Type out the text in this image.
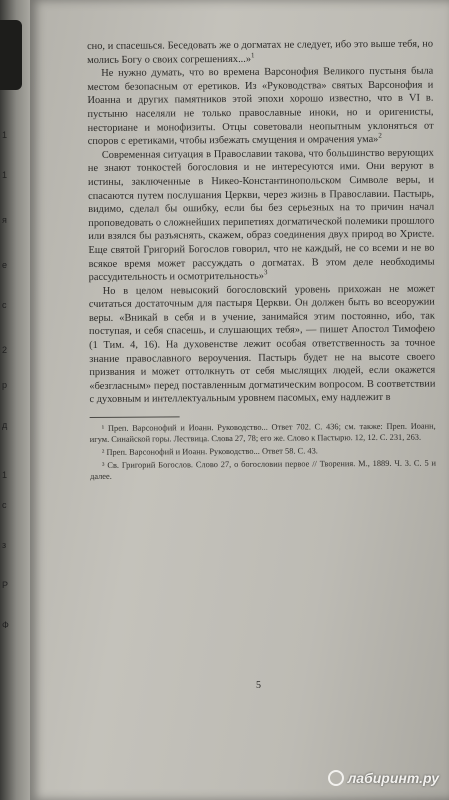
1
1
я
е
с
2
р
д
1
с
з
Р
Ф

сно, и спасешься. Беседовать же о догматах не следует, ибо это выше тебя, но молись Богу о своих согрешениях...»$^1$

Не нужно думать, что во времена Варсонофия Великого пустыня была местом безопасным от еретиков. Из «Руководства» святых Варсонофия и Иоанна и других памятников этой эпохи хорошо известно, что в VI в. пустыню населяли не только православные иноки, но и оригенисты, несториане и монофизиты. Отцы советовали неопытным уклоняться от споров с еретиками, чтобы избежать смущения и омрачения ума»$^2$

Современная ситуация в Православии такова, что большинство верующих не знают тонкостей богословия и не интересуются ими. Они веруют в истины, заключенные в Никео-Константинопольском Символе веры, и спасаются путем послушания Церкви, через жизнь в Православии. Пастырь, видимо, сделал бы ошибку, если бы без серьезных на то причин начал проповедовать о сложнейших перипетиях догматической полемики прошлого или взялся бы разъяснять, скажем, образ соединения двух природ во Христе. Еще святой Григорий Богослов говорил, что не каждый, не со всеми и не во всякое время может рассуждать о догматах. В этом деле необходимы рассудительность и осмотрительность»$^3$

Но в целом невысокий богословский уровень прихожан не может считаться достаточным для пастыря Церкви. Он должен быть во всеоружии веры. «Вникай в себя и в учение, занимайся этим постоянно, ибо, так поступая, и себя спасешь, и слушающих тебя», — пишет Апостол Тимофею (1 Тим. 4, 16). На духовенстве лежит особая ответственность за точное знание православного вероучения. Пастырь будет не на высоте своего призвания и может оттолкнуть от себя мыслящих людей, если окажется «безгласным» перед поставленным догматическим вопросом. В соответствии с духовным и интеллектуальным уровнем пасомых, ему надлежит в

¹ Преп. Варсонофий и Иоанн. Руководство... Ответ 702. С. 436; см. также: Преп. Иоанн, игум. Синайской горы. Лествица. Слова 27, 78; его же. Слово к Пастырю. 12, 12. С. 231, 263.

² Преп. Варсонофий и Иоанн. Руководство... Ответ 58. С. 43.

³ Св. Григорий Богослов. Слово 27, о богословии первое // Творения. М., 1889. Ч. 3. С. 5 и далее.

5
лабиринт.ру
